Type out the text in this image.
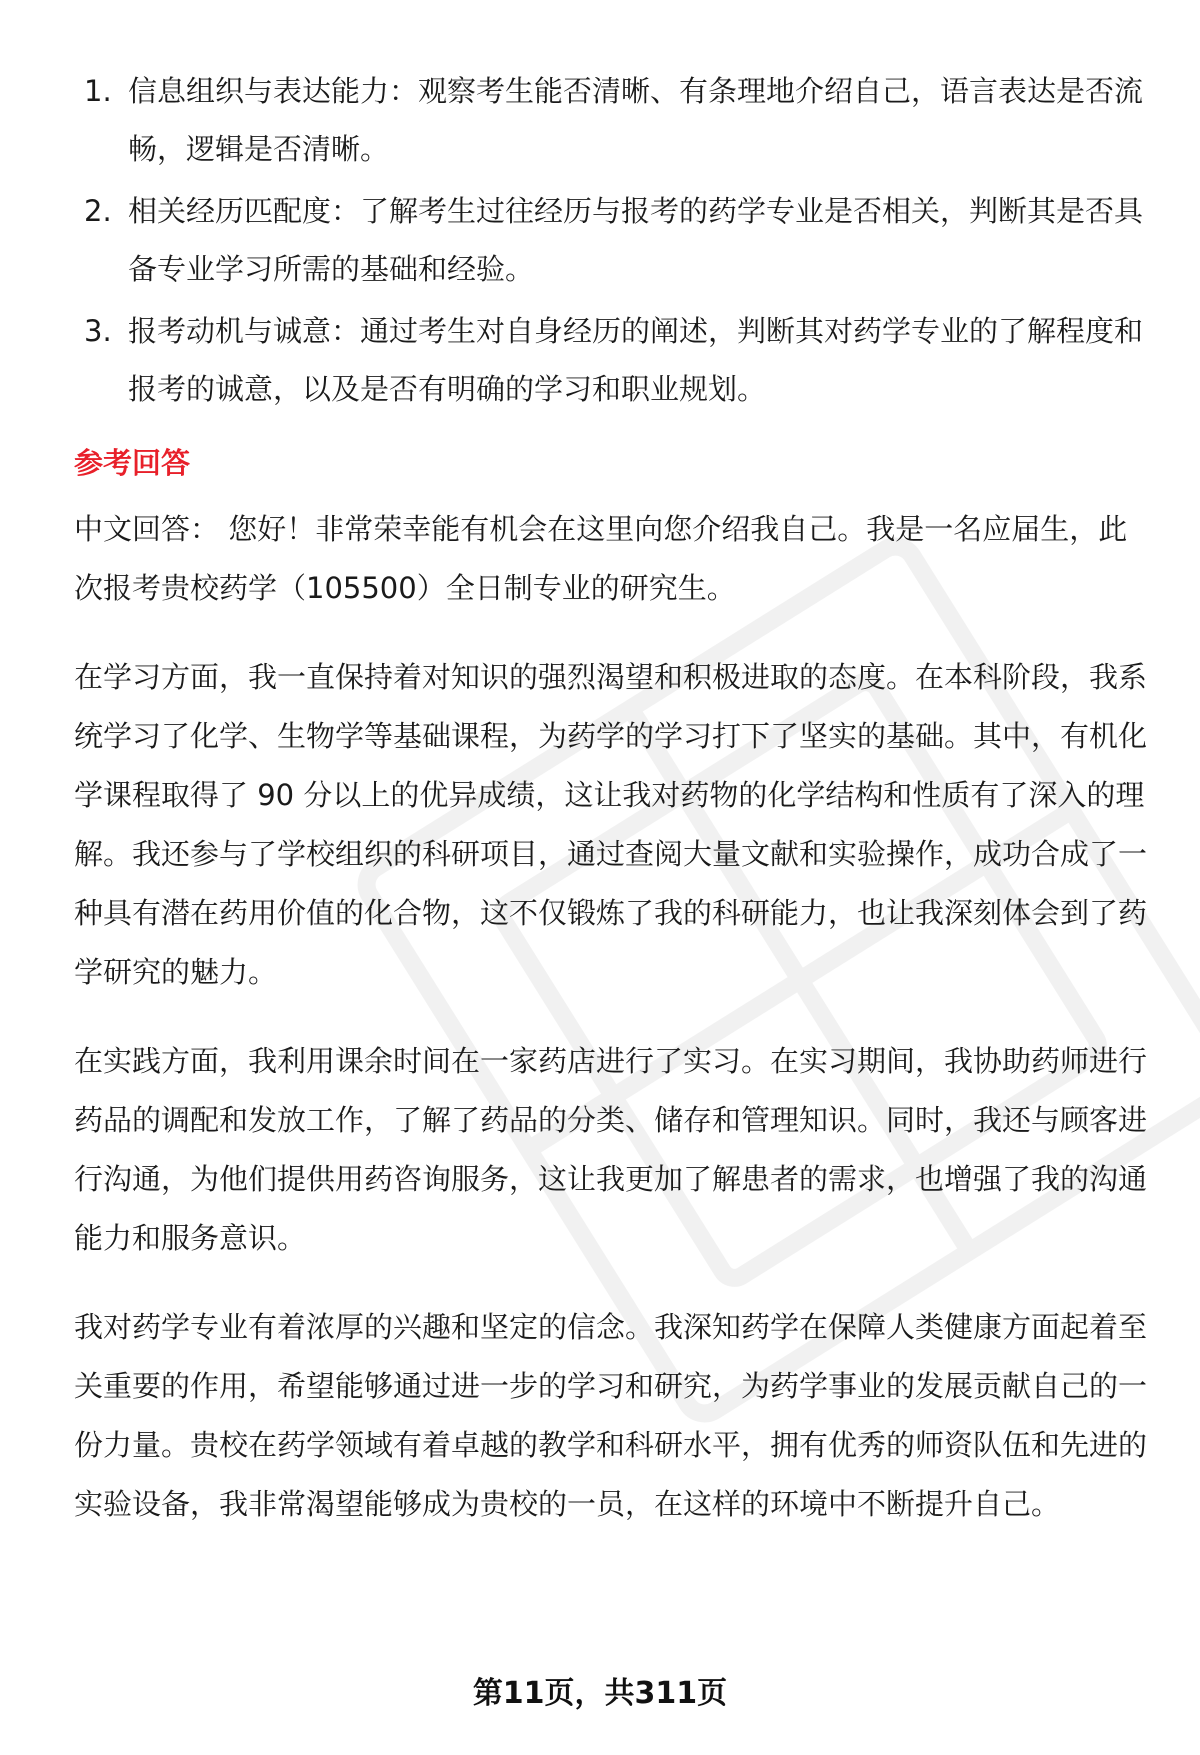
1. 信息组织与表达能力：观察考生能否清晰、有条理地介绍自己，语言表达是否流畅，逻辑是否清晰。
2. 相关经历匹配度：了解考生过往经历与报考的药学专业是否相关，判断其是否具备专业学习所需的基础和经验。
3. 报考动机与诚意：通过考生对自身经历的阐述，判断其对药学专业的了解程度和报考的诚意，以及是否有明确的学习和职业规划。
参考回答

中文回答： 您好！非常荣幸能有机会在这里向您介绍我自己。我是一名应届生，此次报考贵校药学（105500）全日制专业的研究生。

在学习方面，我一直保持着对知识的强烈渴望和积极进取的态度。在本科阶段，我系统学习了化学、生物学等基础课程，为药学的学习打下了坚实的基础。其中，有机化学课程取得了 90 分以上的优异成绩，这让我对药物的化学结构和性质有了深入的理解。我还参与了学校组织的科研项目，通过查阅大量文献和实验操作，成功合成了一种具有潜在药用价值的化合物，这不仅锻炼了我的科研能力，也让我深刻体会到了药学研究的魅力。

在实践方面，我利用课余时间在一家药店进行了实习。在实习期间，我协助药师进行药品的调配和发放工作，了解了药品的分类、储存和管理知识。同时，我还与顾客进行沟通，为他们提供用药咨询服务，这让我更加了解患者的需求，也增强了我的沟通能力和服务意识。

我对药学专业有着浓厚的兴趣和坚定的信念。我深知药学在保障人类健康方面起着至关重要的作用，希望能够通过进一步的学习和研究，为药学事业的发展贡献自己的一份力量。贵校在药学领域有着卓越的教学和科研水平，拥有优秀的师资队伍和先进的实验设备，我非常渴望能够成为贵校的一员，在这样的环境中不断提升自己。

第11页，共311页
